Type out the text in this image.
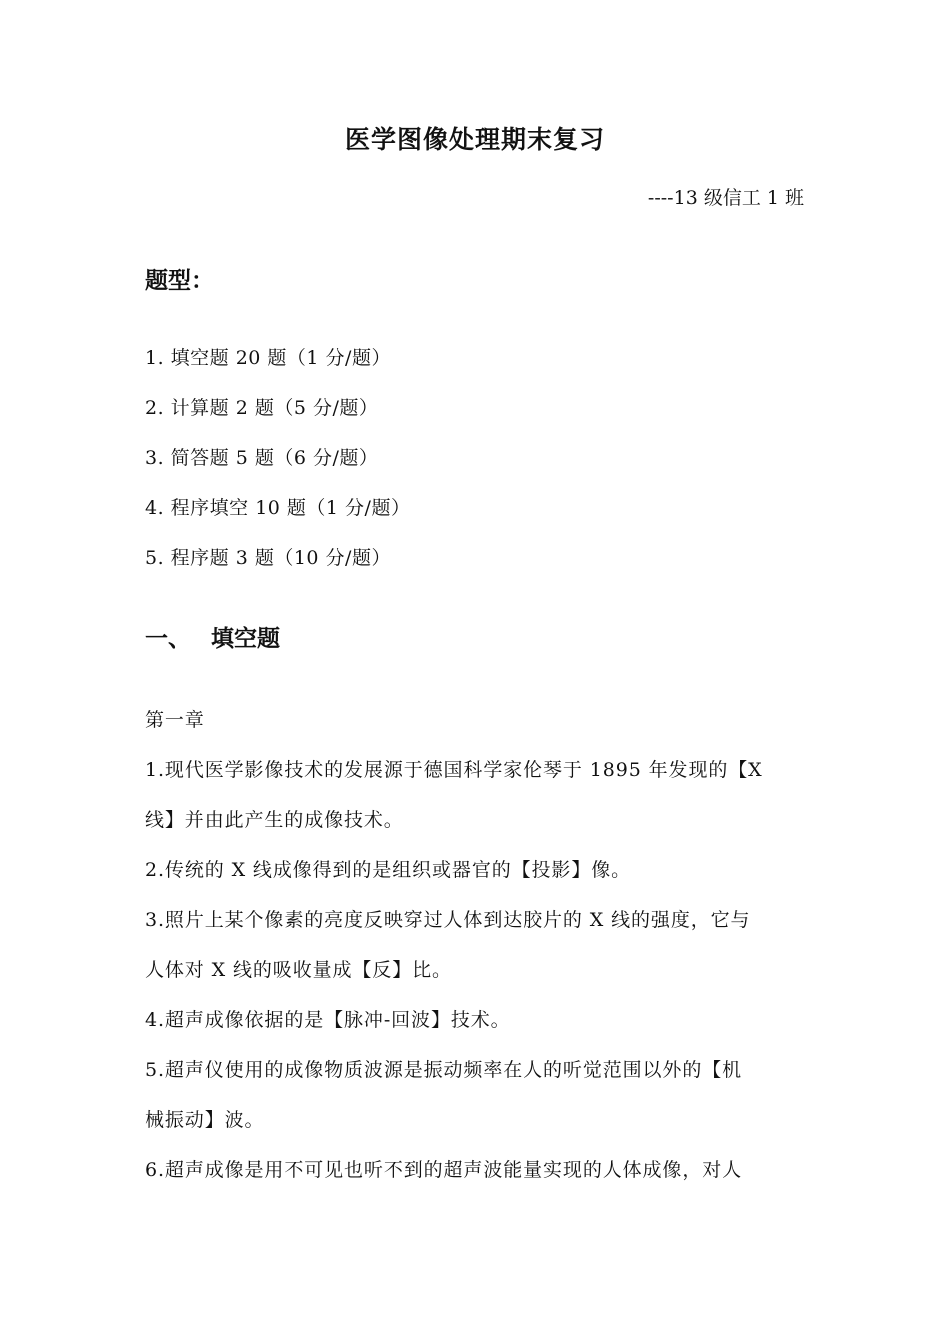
医学图像处理期末复习
----13 级信工 1 班
题型：
1. 填空题 20 题（1 分/题）
2. 计算题 2 题（5 分/题）
3. 简答题 5 题（6 分/题）
4. 程序填空 10 题（1 分/题）
5. 程序题 3 题（10 分/题）
一、 填空题
第一章
1.现代医学影像技术的发展源于德国科学家伦琴于 1895 年发现的【X
线】并由此产生的成像技术。
2.传统的 X 线成像得到的是组织或器官的【投影】像。
3.照片上某个像素的亮度反映穿过人体到达胶片的 X 线的强度，它与
人体对 X 线的吸收量成【反】比。
4.超声成像依据的是【脉冲-回波】技术。
5.超声仪使用的成像物质波源是振动频率在人的听觉范围以外的【机
械振动】波。
6.超声成像是用不可见也听不到的超声波能量实现的人体成像，对人
